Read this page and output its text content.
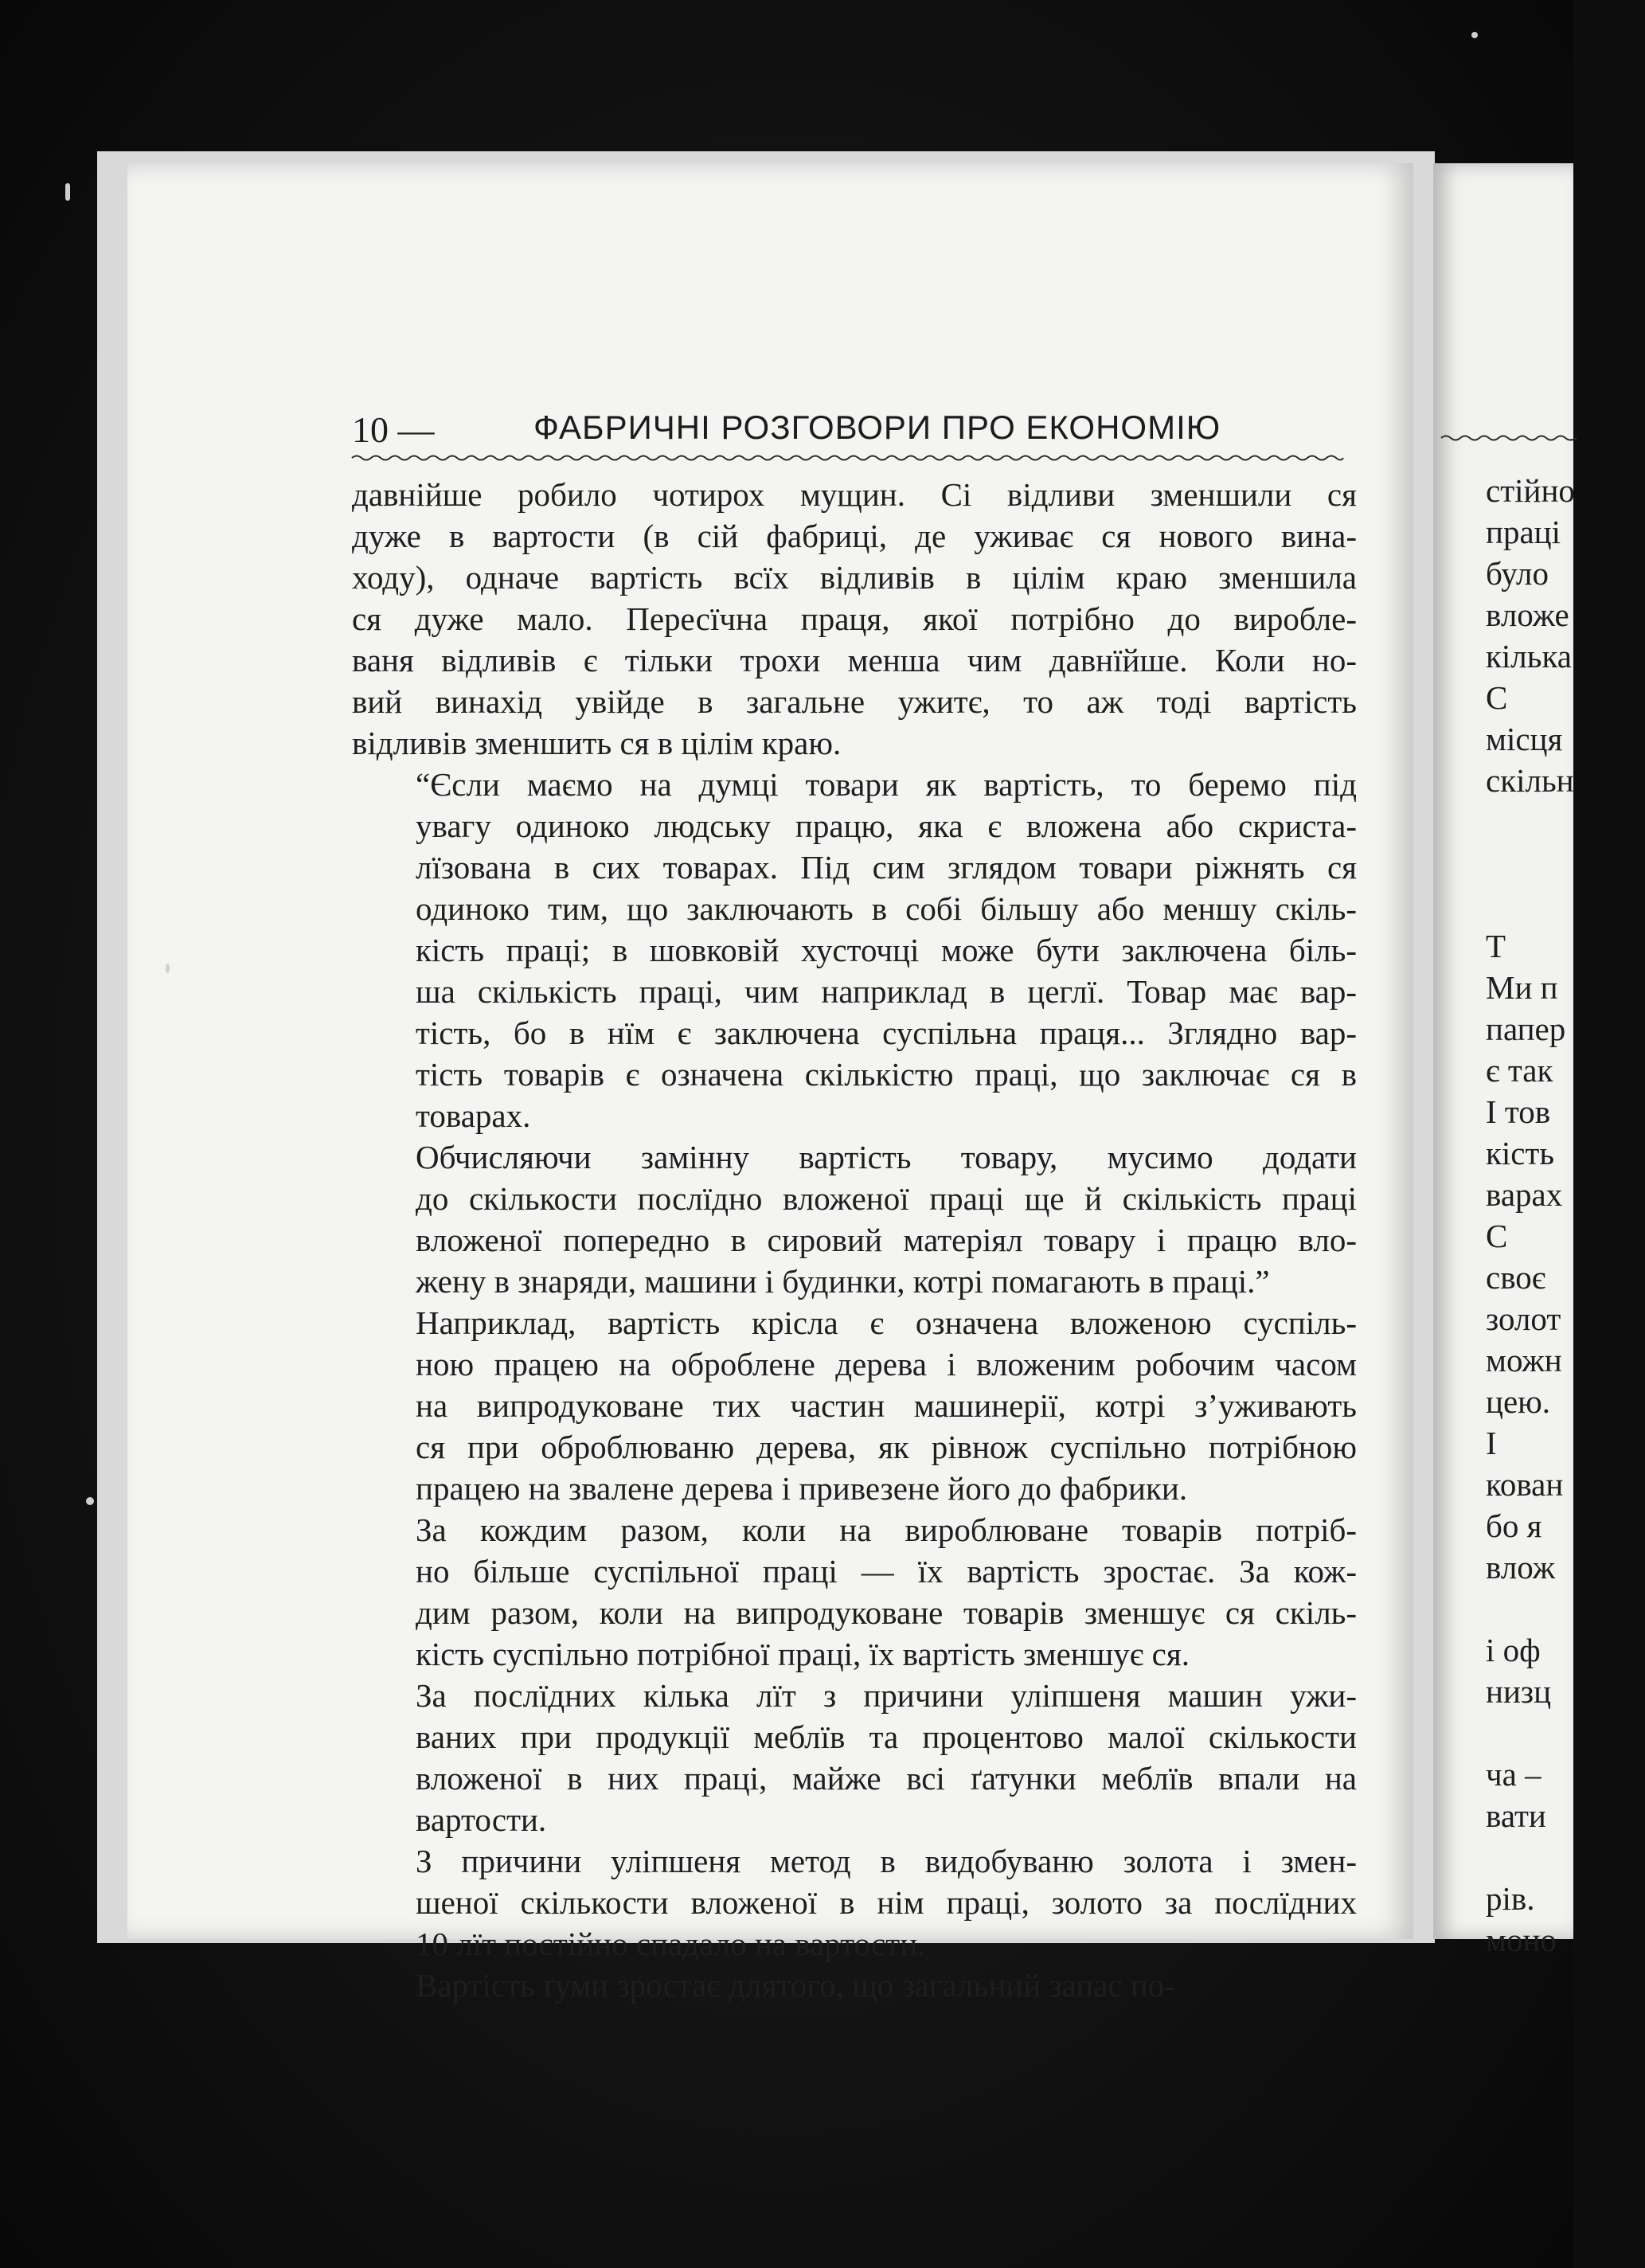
10 —	ФАБРИЧНІ РОЗГОВОРИ ПРО ЕКОНОМІЮ

давнійше робило чотирох мущин. Сі відливи зменшили ся
дуже в вартости (в сій фабриці, де уживає ся нового вина-
ходу), одначе вартість всїх відливів в цілім краю зменшила
ся дуже мало. Пересїчна праця, якої потрібно до виробле-
ваня відливів є тільки трохи менша чим давнїйше. Коли но-
вий винахід увійде в загальне ужитє, то аж тоді вартість
відливів зменшить ся в цілім краю.

“Єсли маємо на думці товари як вартість, то беремо під
увагу одиноко людську працю, яка є вложена або скриста-
лїзована в сих товарах. Під сим зглядом товари ріжнять ся
одиноко тим, що заключають в собі більшу або меншу скіль-
кість праці; в шовковій хусточці може бути заключена біль-
ша скількість праці, чим наприклад в цеглї. Товар має вар-
тість, бо в нїм є заключена суспільна праця... Зглядно вар-
тість товарів є означена скількістю праці, що заключає ся в
товарах.

Обчисляючи замінну вартість товару, мусимо додати
до скількости послїдно вложеної праці ще й скількість праці
вложеної попередно в сировий матеріял товару і працю вло-
жену в знаряди, машини і будинки, котрі помагають в праці.”

Наприклад, вартість крісла є означена вложеною суспіль-
ною працею на оброблене дерева і вложеним робочим часом
на випродуковане тих частин машинерії, котрі з’уживають
ся при оброблюваню дерева, як рівнож суспільно потрібною
працею на звалене дерева і привезене його до фабрики.

За кождим разом, коли на вироблюване товарів потріб-
но більше суспільної праці — їх вартість зростає. За кож-
дим разом, коли на випродуковане товарів зменшує ся скіль-
кість суспільно потрібної праці, їх вартість зменшує ся.

За послїдних кілька лїт з причини уліпшеня машин ужи-
ваних при продукції меблїв та процентово малої скількости
вложеної в них праці, майже всі ґатунки меблїв впали на
вартости.

З причини уліпшеня метод в видобуваню золота і змен-
шеної скількости вложеної в нім праці, золото за послїдних
10 лїт постійно спадало на вартости.

Вартість ґуми зростає длятого, що загальний запас по-

стійно
праці
було
вложе
кілька
С
місця
скільн
Т
Ми п
папер
є так
І тов
кість
варах
С
своє
золот
можн
цею.
І
кован
бо я
влож
і оф
низц
ча –
вати
рів.
моно
